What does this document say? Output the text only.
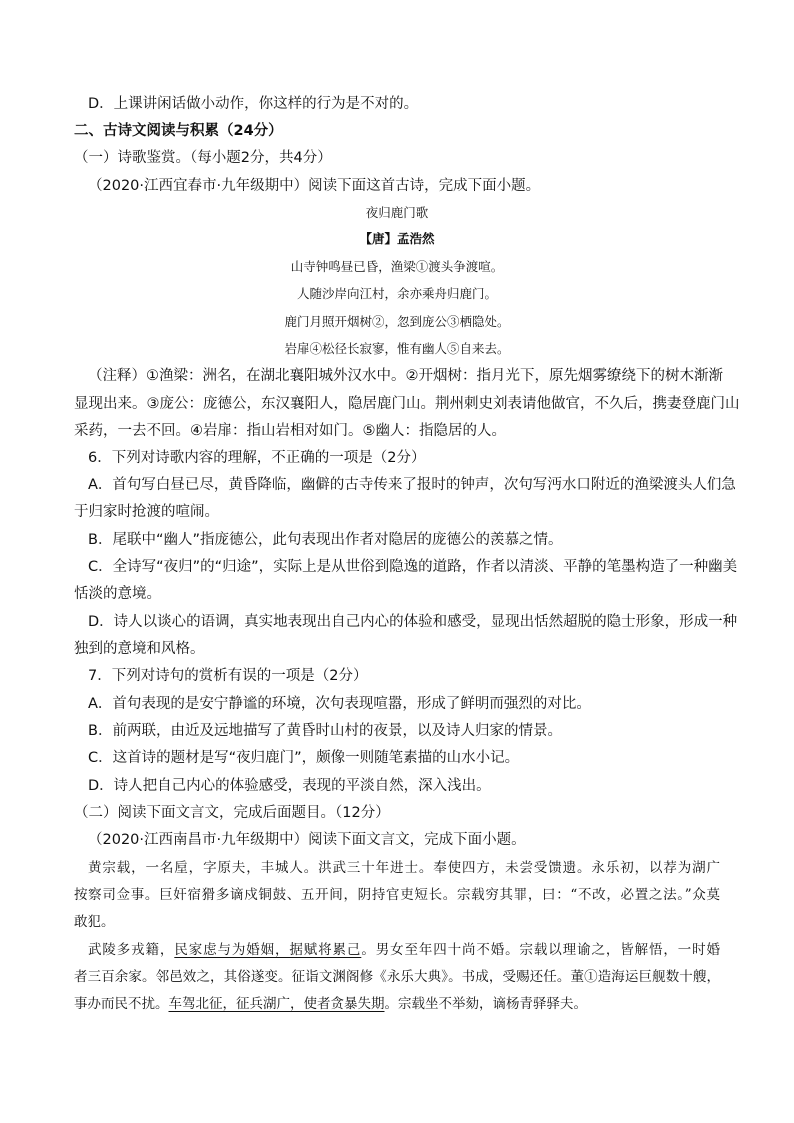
D．上课讲闲话做小动作，你这样的行为是不对的。
二、古诗文阅读与积累（24分）
（一）诗歌鉴赏。（每小题2分，共4分）
（2020·江西宜春市·九年级期中）阅读下面这首古诗，完成下面小题。
夜归鹿门歌
【唐】孟浩然
山寺钟鸣昼已昏，渔梁①渡头争渡喧。
人随沙岸向江村，余亦乘舟归鹿门。
鹿门月照开烟树②，忽到庞公③栖隐处。
岩扉④松径长寂寥，惟有幽人⑤自来去。
（注释）①渔梁：洲名，在湖北襄阳城外汉水中。②开烟树：指月光下，原先烟雾缭绕下的树木渐渐
显现出来。③庞公：庞德公，东汉襄阳人，隐居鹿门山。荆州刺史刘表请他做官，不久后，携妻登鹿门山
采药，一去不回。④岩扉：指山岩相对如门。⑤幽人：指隐居的人。
6．下列对诗歌内容的理解，不正确的一项是（2分）
A．首句写白昼已尽，黄昏降临，幽僻的古寺传来了报时的钟声，次句写沔水口附近的渔梁渡头人们急
于归家时抢渡的喧闹。
B．尾联中“幽人”指庞德公，此句表现出作者对隐居的庞德公的羡慕之情。
C．全诗写“夜归”的“归途”，实际上是从世俗到隐逸的道路，作者以清淡、平静的笔墨构造了一种幽美
恬淡的意境。
D．诗人以谈心的语调，真实地表现出自己内心的体验和感受，显现出恬然超脱的隐士形象，形成一种
独到的意境和风格。
7．下列对诗句的赏析有误的一项是（2分）
A．首句表现的是安宁静谧的环境，次句表现喧嚣，形成了鲜明而强烈的对比。
B．前两联，由近及远地描写了黄昏时山村的夜景，以及诗人归家的情景。
C．这首诗的题材是写“夜归鹿门”，颇像一则随笔素描的山水小记。
D．诗人把自己内心的体验感受，表现的平淡自然，深入浅出。
（二）阅读下面文言文，完成后面题目。（12分）
（2020·江西南昌市·九年级期中）阅读下面文言文，完成下面小题。
黄宗载，一名垕，字原夫，丰城人。洪武三十年进士。奉使四方，未尝受馈遗。永乐初，以荐为湖广
按察司佥事。巨奸宿猾多谪戍铜鼓、五开间，阴持官吏短长。宗载穷其罪，曰：“不改，必置之法。”众莫
敢犯。
武陵多戎籍，民家虑与为婚姻，据赋将累己。男女至年四十尚不婚。宗载以理谕之，皆解悟，一时婚
者三百余家。邻邑效之，其俗遂变。征诣文渊阁修《永乐大典》。书成，受赐还任。董①造海运巨舰数十艘，
事办而民不扰。车驾北征，征兵湖广，使者贪暴失期。宗载坐不举劾，谪杨青驿驿夫。
